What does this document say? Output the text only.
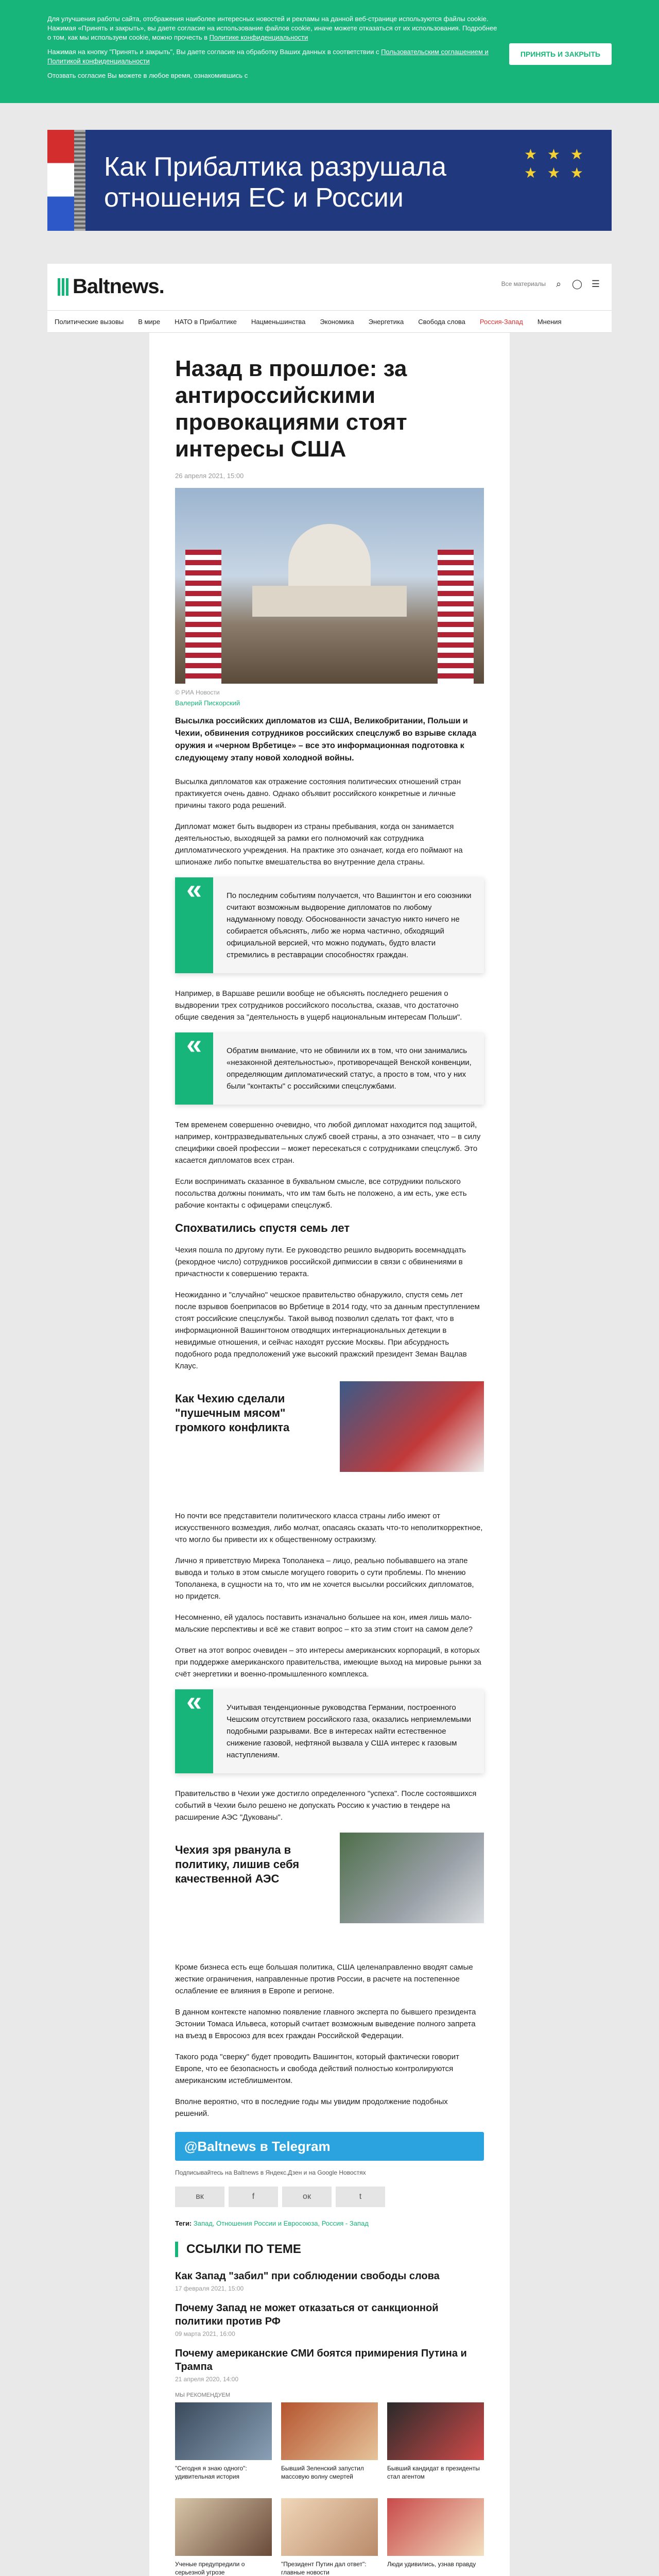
Для улучшения работы сайта, отображения наиболее интересных новостей и рекламы на данной веб-странице используются файлы cookie. Нажимая «Принять и закрыть», вы даете согласие на использование файлов cookie, иначе можете отказаться от их использования. Подробнее о том, как мы используем cookie, можно прочесть в Политике конфиденциальности

Нажимая на кнопку "Принять и закрыть", Вы даете согласие на обработку Ваших данных в соответствии с Пользовательским соглашением и Политикой конфиденциальности

Отозвать согласие Вы можете в любое время, ознакомившись с

ПРИНЯТЬ И ЗАКРЫТЬ
Как Прибалтика разрушала отношения ЕС и России
★ ★ ★ ★ ★ ★
Baltnews.	Все материалы	⌕	◯ ☰
Политические вызовы В мире НАТО в Прибалтике Нацменьшинства Экономика Энергетика Свобода слова Россия-Запад Мнения
Назад в прошлое: за антироссийскими провокациями стоят интересы США
26 апреля 2021, 15:00
© РИА Новости
Валерий Пискорский

Высылка российских дипломатов из США, Великобритании, Польши и Чехии, обвинения сотрудников российских спецслужб во взрыве склада оружия и «черном Врбетице» – все это информационная подготовка к следующему этапу новой холодной войны.

Высылка дипломатов как отражение состояния политических отношений стран практикуется очень давно. Однако объявит российского конкретные и личные причины такого рода решений.

Дипломат может быть выдворен из страны пребывания, когда он занимается деятельностью, выходящей за рамки его полномочий как сотрудника дипломатического учреждения. На практике это означает, когда его поймают на шпионаже либо попытке вмешательства во внутренние дела страны.

«	По последним событиям получается, что Вашингтон и его союзники считают возможным выдворение дипломатов по любому надуманному поводу. Обоснованности зачастую никто ничего не собирается объяснять, либо же норма частично, обходящий официальной версией, что можно подумать, будто власти стремились в реставрации способностях граждан.

Например, в Варшаве решили вообще не объяснять последнего решения о выдворении трех сотрудников российского посольства, сказав, что достаточно общие сведения за "деятельность в ущерб национальным интересам Польши".

«	Обратим внимание, что не обвинили их в том, что они занимались «незаконной деятельностью», противоречащей Венской конвенции, определяющим дипломатический статус, а просто в том, что у них были "контакты" с российскими спецслужбами.

Тем временем совершенно очевидно, что любой дипломат находится под защитой, например, контрразведывательных служб своей страны, а это означает, что – в силу специфики своей профессии – может пересекаться с сотрудниками спецслужб. Это касается дипломатов всех стран.

Если воспринимать сказанное в буквальном смысле, все сотрудники польского посольства должны понимать, что им там быть не положено, а им есть, уже есть рабочие контакты с офицерами спецслужб.

Спохватились спустя семь лет

Чехия пошла по другому пути. Ее руководство решило выдворить восемнадцать (рекордное число) сотрудников российской дипмиссии в связи с обвинениями в причастности к совершению теракта.

Неожиданно и "случайно" чешское правительство обнаружило, спустя семь лет после взрывов боеприпасов во Врбетице в 2014 году, что за данным преступлением стоят российские спецслужбы. Такой вывод позволил сделать тот факт, что в информационной Вашингтоном отводящих интернациональных детекции в невидимые отношения, и сейчас находят русские Москвы. При абсурдность подобного рода предположений уже высокий пражский президент Земан Вацлав Клаус.

Как Чехию сделали "пушечным мясом" громкого конфликта

Но почти все представители политического класса страны либо имеют от искусственного возмездия, либо молчат, опасаясь сказать что-то неполиткорректное, что могло бы привести их к общественному остракизму.

Лично я приветствую Мирека Тополанека – лицо, реально побывавшего на этапе вывода и только в этом смысле могущего говорить о сути проблемы. По мнению Тополанека, в сущности на то, что им не хочется высылки российских дипломатов, но придется.

Несомненно, ей удалось поставить изначально большее на кон, имея лишь мало-мальские перспективы и всё же ставит вопрос – кто за этим стоит на самом деле?

Ответ на этот вопрос очевиден – это интересы американских корпораций, в которых при поддержке американского правительства, имеющие выход на мировые рынки за счёт энергетики и военно-промышленного комплекса.

«	Учитывая тенденционные руководства Германии, построенного Чешским отсутствием российского газа, оказались неприемлемыми подобными разрывами. Все в интересах найти естественное снижение газовой, нефтяной вызвала у США интерес к газовым наступлениям.

Правительство в Чехии уже достигло определенного "успеха". После состоявшихся событий в Чехии было решено не допускать Россию к участию в тендере на расширение АЭС "Дукованы".

Чехия зря рванула в политику, лишив себя качественной АЭС

Кроме бизнеса есть еще большая политика, США целенаправленно вводят самые жесткие ограничения, направленные против России, в расчете на постепенное ослабление ее влияния в Европе и регионе.

В данном контексте напомню появление главного эксперта по бывшего президента Эстонии Томаса Ильвеса, который считает возможным выведение полного запрета на въезд в Евросоюз для всех граждан Российской Федерации.

Такого рода "сверку" будет проводить Вашингтон, который фактически говорит Европе, что ее безопасность и свобода действий полностью контролируются американским истеблишментом.

Вполне вероятно, что в последние годы мы увидим продолжение подобных решений.

@Baltnews в Telegram
Подписывайтесь на Baltnews в Яндекс.Дзен и на Google Новостях
вк	f	ок	t
Теги: Запад, Отношения России и Евросоюза, Россия - Запад
ССЫЛКИ ПО ТЕМЕ
Как Запад "забил" при соблюдении свободы слова
17 февраля 2021, 15:00
Почему Запад не может отказаться от санкционной политики против РФ
09 марта 2021, 16:00
Почему американские СМИ боятся примирения Путина и Трампа
21 апреля 2020, 14:00
МЫ РЕКОМЕНДУЕМ
"Сегодня я знаю одного": удивительная история
Бывший Зеленский запустил массовую волну смертей
Бывший кандидат в президенты стал агентом
Ученые предупредили о серьезной угрозе
"Президент Путин дал ответ": главные новости
Люди удивились, узнав правду
